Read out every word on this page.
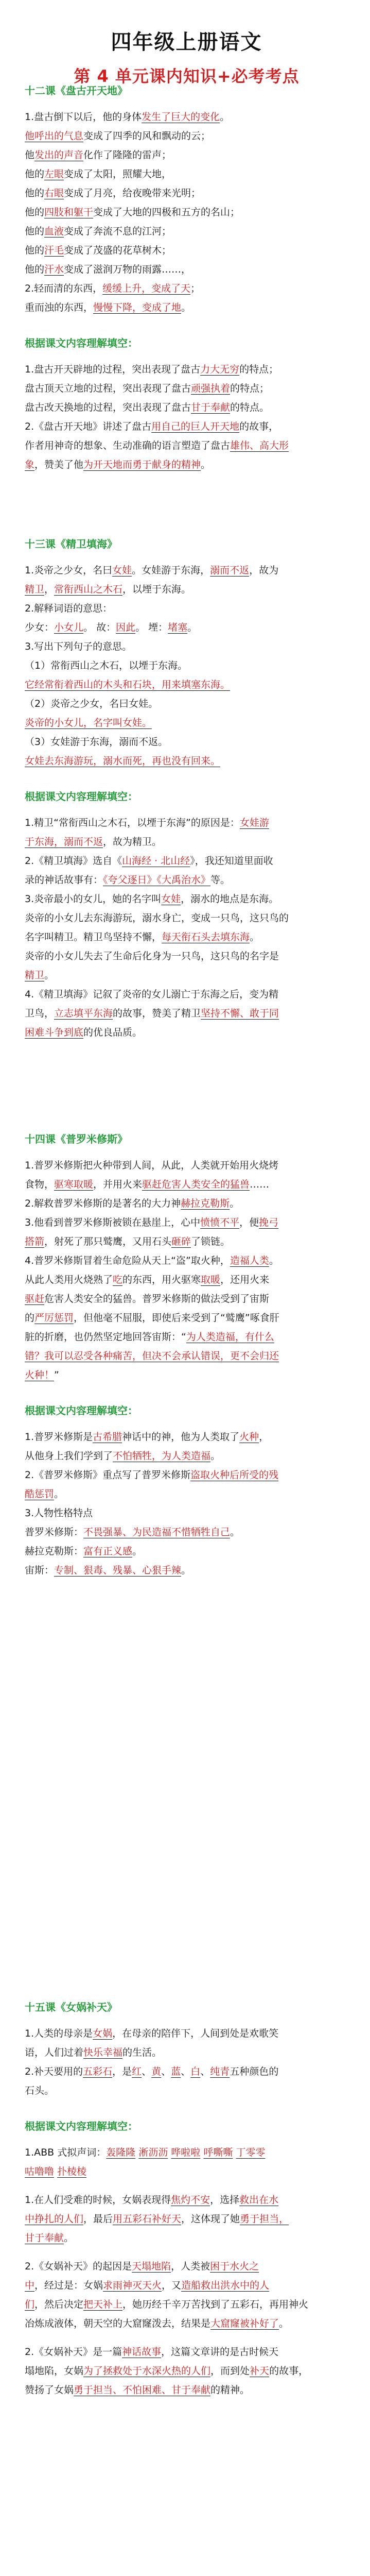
四年级上册语文
第 4 单元课内知识+必考考点
十二课《盘古开天地》

1.盘古倒下以后，他的身体发生了巨大的变化。

他呼出的气息变成了四季的风和飘动的云；

他发出的声音化作了隆隆的雷声；

他的左眼变成了太阳，照耀大地，

他的右眼变成了月亮，给夜晚带来光明；

他的四肢和躯干变成了大地的四极和五方的名山；

他的血液变成了奔流不息的江河；

他的汗毛变成了茂盛的花草树木；

他的汗水变成了滋润万物的雨露……，

2.轻而清的东西，缓缓上升，变成了天；

重而浊的东西，慢慢下降，变成了地。

根据课文内容理解填空：

1.盘古开天辟地的过程，突出表现了盘古力大无穷的特点；

盘古顶天立地的过程，突出表现了盘古顽强执着的特点；

盘古改天换地的过程，突出表现了盘古甘于奉献的特点。

2.《盘古开天地》讲述了盘古用自己的巨人开天地的故事，

作者用神奇的想象、生动准确的语言塑造了盘古雄伟、高大形

象，赞美了他为开天地而勇于献身的精神。

十三课《精卫填海》

1.炎帝之少女，名曰女娃。女娃游于东海，溺而不返，故为

精卫，常衔西山之木石，以堙于东海。

2.解释词语的意思：

少女：小女儿。 故：因此。 堙：堵塞。

3.写出下列句子的意思。

（1）常衔西山之木石，以堙于东海。

它经常衔着西山的木头和石块，用来填塞东海。

（2）炎帝之少女，名曰女娃。

炎帝的小女儿，名字叫女娃。

（3）女娃游于东海，溺而不返。

女娃去东海游玩，溺水而死，再也没有回来。

根据课文内容理解填空：

1.精卫“常衔西山之木石，以堙于东海”的原因是：女娃游

于东海，溺而不返，故为精卫。

2.《精卫填海》选自《山海经 · 北山经》，我还知道里面收

录的神话故事有：《夸父逐日》《大禹治水》等。

3.炎帝最小的女儿，她的名字叫女娃，溺水的地点是东海。

炎帝的小女儿去东海游玩，溺水身亡，变成一只鸟，这只鸟的

名字叫精卫。精卫鸟坚持不懈，每天衔石头去填东海。

炎帝的小女儿失去了生命后化身为一只鸟，这只鸟的名字是

精卫。

4.《精卫填海》记叙了炎帝的女儿溺亡于东海之后，变为精

卫鸟，立志填平东海的故事，赞美了精卫坚持不懈、敢于同

困难斗争到底的优良品质。

十四课《普罗米修斯》

1.普罗米修斯把火种带到人间，从此，人类就开始用火烧烤

食物，驱寒取暖，并用火来驱赶危害人类安全的猛兽……

2.解救普罗米修斯的是著名的大力神赫拉克勒斯。

3.他看到普罗米修斯被锁在悬崖上，心中愤愤不平，便挽弓

搭箭，射死了那只鹫鹰，又用石头砸碎了锁链。

4.普罗米修斯冒着生命危险从天上“盗”取火种，造福人类。

从此人类用火烧熟了吃的东西，用火驱寒取暖，还用火来

驱赶危害人类安全的猛兽。普罗米修斯的做法受到了宙斯

的严厉惩罚，但他毫不屈服，即使后来受到了“鹫鹰”啄食肝

脏的折磨，也仍然坚定地回答宙斯：“为人类造福，有什么

错？我可以忍受各种痛苦，但决不会承认错误，更不会归还

火种！”

根据课文内容理解填空：

1.普罗米修斯是古希腊神话中的神，他为人类取了火种，

从他身上我们学到了不怕牺牲，为人类造福。

2.《普罗米修斯》重点写了普罗米修斯盗取火种后所受的残

酷惩罚。

3.人物性格特点

普罗米修斯：不畏强暴、为民造福不惜牺牲自己。

赫拉克勒斯：富有正义感。

宙斯：专制、狠毒、残暴、心狠手辣。

十五课《女娲补天》

1.人类的母亲是女娲，在母亲的陪伴下，人间到处是欢歌笑

语，人们过着快乐幸福的生活。

2.补天要用的五彩石，是红、黄、蓝、白、纯青五种颜色的

石头。

根据课文内容理解填空：

1.ABB 式拟声词：轰隆隆 淅沥沥 哗啦啦 呼嘶嘶 丁零零

咕噜噜 扑棱棱

1.在人们受难的时候，女娲表现得焦灼不安，选择救出在水

中挣扎的人们，最后用五彩石补好天，这体现了她勇于担当，

甘于奉献。

2.《女娲补天》的起因是天塌地陷，人类被困于水火之

中，经过是：女娲求雨神灭天火，又造船救出洪水中的人

们，然后决定把天补上，她历经千辛万苦找到了五彩石，再用神火

冶炼成液体，朝天空的大窟窿泼去，结果是大窟窿被补好了。

2.《女娲补天》是一篇神话故事，这篇文章讲的是古时候天

塌地陷，女娲为了拯救处于水深火热的人们，而到处补天的故事，

赞扬了女娲勇于担当、不怕困难、甘于奉献的精神。
